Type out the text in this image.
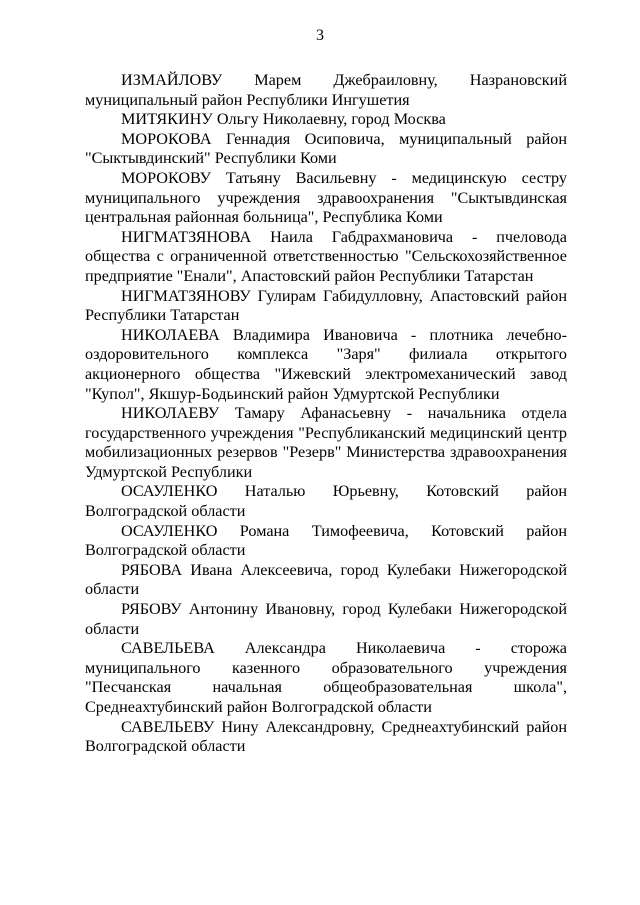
3

ИЗМАЙЛОВУ Марем Джебраиловну, Назрановский муниципальный район Республики Ингушетия

МИТЯКИНУ Ольгу Николаевну, город Москва

МОРОКОВА Геннадия Осиповича, муниципальный район "Сыктывдинский" Республики Коми

МОРОКОВУ Татьяну Васильевну - медицинскую сестру муниципального учреждения здравоохранения "Сыктывдинская центральная районная больница", Республика Коми

НИГМАТЗЯНОВА Наила Габдрахмановича - пчеловода общества с ограниченной ответственностью "Сельскохозяйственное предприятие "Енали", Апастовский район Республики Татарстан

НИГМАТЗЯНОВУ Гулирам Габидулловну, Апастовский район Республики Татарстан

НИКОЛАЕВА Владимира Ивановича - плотника лечебно-оздоровительного комплекса "Заря" филиала открытого акционерного общества "Ижевский электромеханический завод "Купол", Якшур-Бодьинский район Удмуртской Республики

НИКОЛАЕВУ Тамару Афанасьевну - начальника отдела государственного учреждения "Республиканский медицинский центр мобилизационных резервов "Резерв" Министерства здравоохранения Удмуртской Республики

ОСАУЛЕНКО Наталью Юрьевну, Котовский район Волгоградской области

ОСАУЛЕНКО Романа Тимофеевича, Котовский район Волгоградской области

РЯБОВА Ивана Алексеевича, город Кулебаки Нижегородской области

РЯБОВУ Антонину Ивановну, город Кулебаки Нижегородской области

САВЕЛЬЕВА Александра Николаевича - сторожа муниципального казенного образовательного учреждения "Песчанская начальная общеобразовательная школа", Среднеахтубинский район Волгоградской области

САВЕЛЬЕВУ Нину Александровну, Среднеахтубинский район Волгоградской области
